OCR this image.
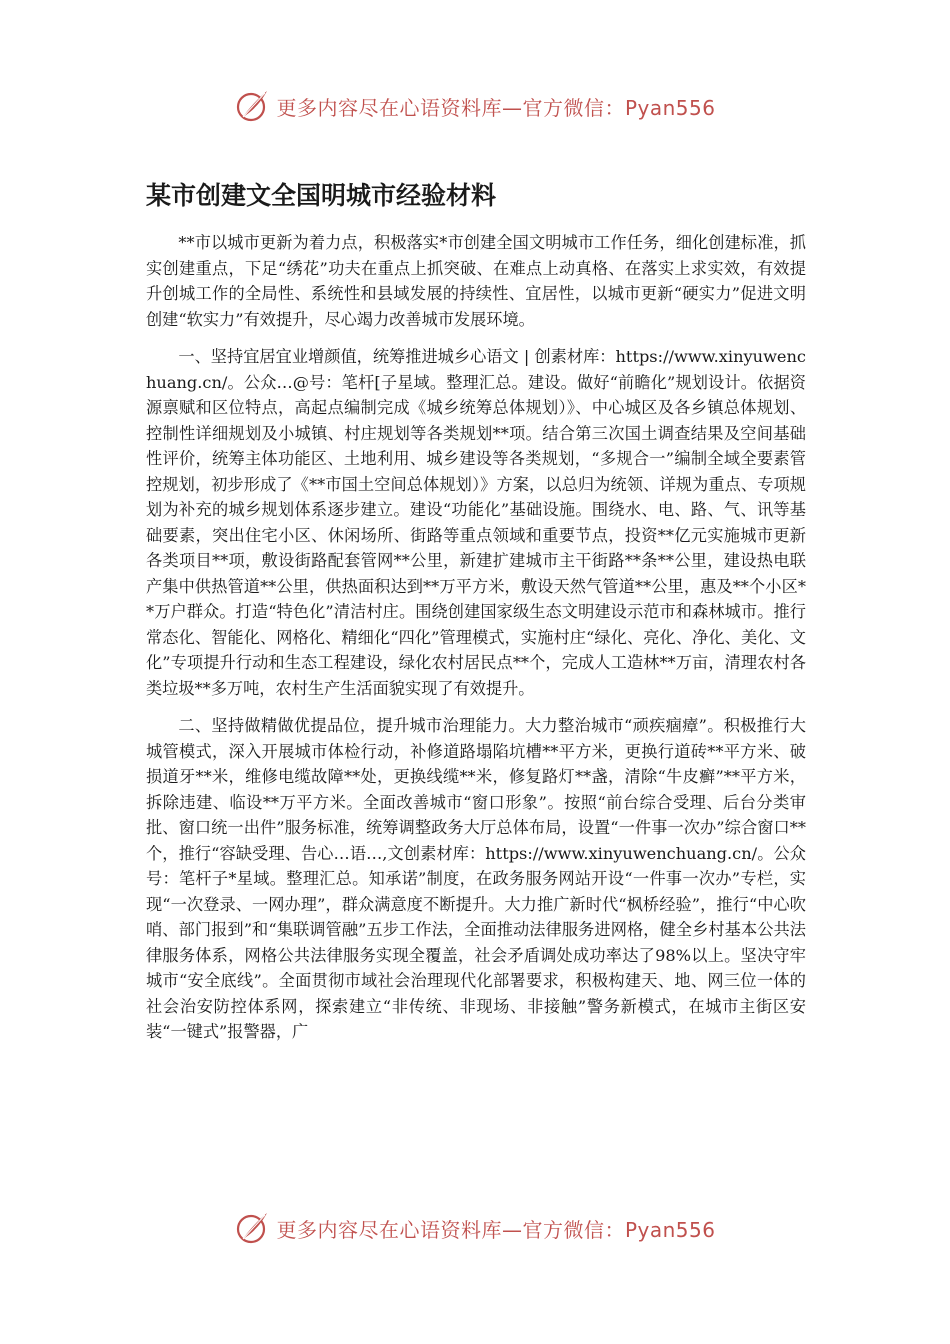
更多内容尽在心语资料库—官方微信：Pyan556
某市创建文全国明城市经验材料

**市以城市更新为着力点，积极落实*市创建全国文明城市工作任务，细化创建标准，抓实创建重点，下足“绣花”功夫在重点上抓突破、在难点上动真格、在落实上求实效，有效提升创城工作的全局性、系统性和县域发展的持续性、宜居性，以城市更新“硬实力”促进文明创建“软实力”有效提升，尽心竭力改善城市发展环境。

一、坚持宜居宜业增颜值，统筹推进城乡心语文 | 创素材库：https://www.xinyuwenchuang.cn/。公众…@号：笔杆[子星域。整理汇总。建设。做好“前瞻化”规划设计。依据资源禀赋和区位特点，高起点编制完成《城乡统筹总体规划）》、中心城区及各乡镇总体规划、控制性详细规划及小城镇、村庄规划等各类规划**项。结合第三次国土调查结果及空间基础性评价，统筹主体功能区、土地利用、城乡建设等各类规划，“多规合一”编制全域全要素管控规划，初步形成了《**市国土空间总体规划）》方案，以总归为统领、详规为重点、专项规划为补充的城乡规划体系逐步建立。建设“功能化”基础设施。围绕水、电、路、气、讯等基础要素，突出住宅小区、休闲场所、街路等重点领域和重要节点，投资**亿元实施城市更新各类项目**项，敷设街路配套管网**公里，新建扩建城市主干街路**条**公里，建设热电联产集中供热管道**公里，供热面积达到**万平方米，敷设天然气管道**公里，惠及**个小区**万户群众。打造“特色化”清洁村庄。围绕创建国家级生态文明建设示范市和森林城市。推行常态化、智能化、网格化、精细化“四化”管理模式，实施村庄“绿化、亮化、净化、美化、文化”专项提升行动和生态工程建设，绿化农村居民点**个，完成人工造林**万亩，清理农村各类垃圾**多万吨，农村生产生活面貌实现了有效提升。

二、坚持做精做优提品位，提升城市治理能力。大力整治城市“顽疾痼瘴”。积极推行大城管模式，深入开展城市体检行动，补修道路塌陷坑槽**平方米，更换行道砖**平方米、破损道牙**米，维修电缆故障**处，更换线缆**米，修复路灯**盏，清除“牛皮癣”**平方米，拆除违建、临设**万平方米。全面改善城市“窗口形象”。按照“前台综合受理、后台分类审批、窗口统一出件”服务标准，统筹调整政务大厅总体布局，设置“一件事一次办”综合窗口**个，推行“容缺受理、告心…语…,文创素材库：https://www.xinyuwenchuang.cn/。公众号：笔杆子*星域。整理汇总。知承诺”制度，在政务服务网站开设“一件事一次办”专栏，实现“一次登录、一网办理”，群众满意度不断提升。大力推广新时代“枫桥经验”，推行“中心吹哨、部门报到”和“集联调管融”五步工作法，全面推动法律服务进网格，健全乡村基本公共法律服务体系，网格公共法律服务实现全覆盖，社会矛盾调处成功率达了98%以上。坚决守牢城市“安全底线”。全面贯彻市域社会治理现代化部署要求，积极构建天、地、网三位一体的社会治安防控体系网，探索建立“非传统、非现场、非接触”警务新模式，在城市主街区安装“一键式”报警器，广

更多内容尽在心语资料库—官方微信：Pyan556
